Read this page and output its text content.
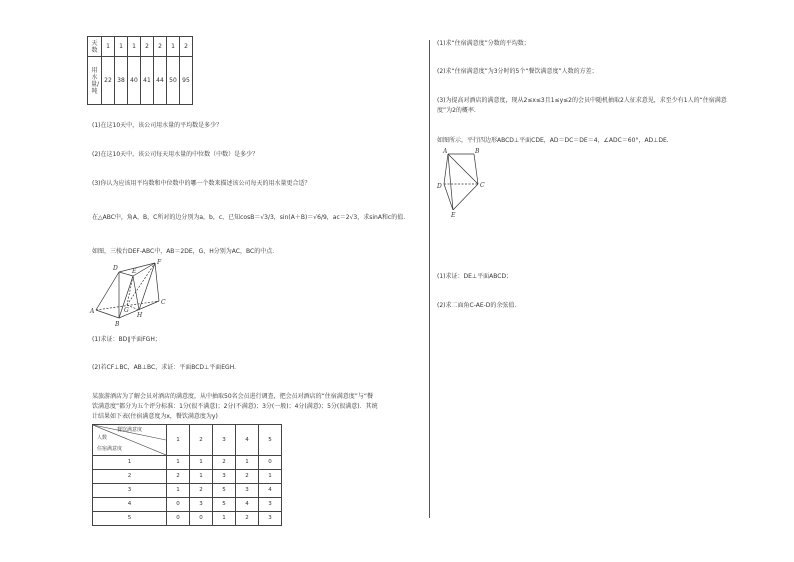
天数	1	1	1	2	2	1	2
用水量/吨	22	38	40	41	44	50	95
(1)在这10天中，该公司用水量的平均数是多少？
(2)在这10天中，该公司每天用水量的中位数（中数）是多少？
(3)你认为应该用平均数和中位数中的哪一个数来描述该公司每天的用水量更合适？
在△ABC中，角A，B，C所对的边分别为a，b，c，已知cosB＝√3/3，sin(A＋B)＝√6/9，ac＝2√3，求sinA和c的值.
如图，三棱台DEF-ABC中，AB＝2DE，G，H分别为AC，BC的中点.
A
B
C
D E
F
G
H
(1)求证：BD∥平面FGH；
(2)若CF⊥BC，AB⊥BC，求证：平面BCD⊥平面EGH.
某旅游酒店为了解会员对酒店的满意度，从中抽取50名会员进行调查，把会员对酒店的“住宿满意度”与“餐
饮满意度”都分为五个评分标准：1分(很不满意)；2分(不满意)；3分(一般)；4分(满意)；5分(很满意)．其统
计结果如下表(住宿满意度为x，餐饮满意度为y)
餐饮满意度
人数
住宿满意度	1	2	3	4	5
1	1	1	2	1	0
2	2	1	3	2	1
3	1	2	5	3	4
4	0	3	5	4	3
5	0	0	1	2	3
(1)求“住宿满意度”分数的平均数；
(2)求“住宿满意度”为3分时的5个“餐饮满意度”人数的方差；
(3)为提高对酒店的满意度，现从2≤x≤3且1≤y≤2的会员中随机抽取2人征求意见，求至少有1人的“住宿满意
度”为2的概率.
如图所示，平行四边形ABCD⊥平面CDE，AD＝DC＝DE＝4，∠ADC＝60°，AD⊥DE.
A	B
C
D
E
(1)求证：DE⊥平面ABCD；
(2)求二面角C-AE-D的余弦值.
